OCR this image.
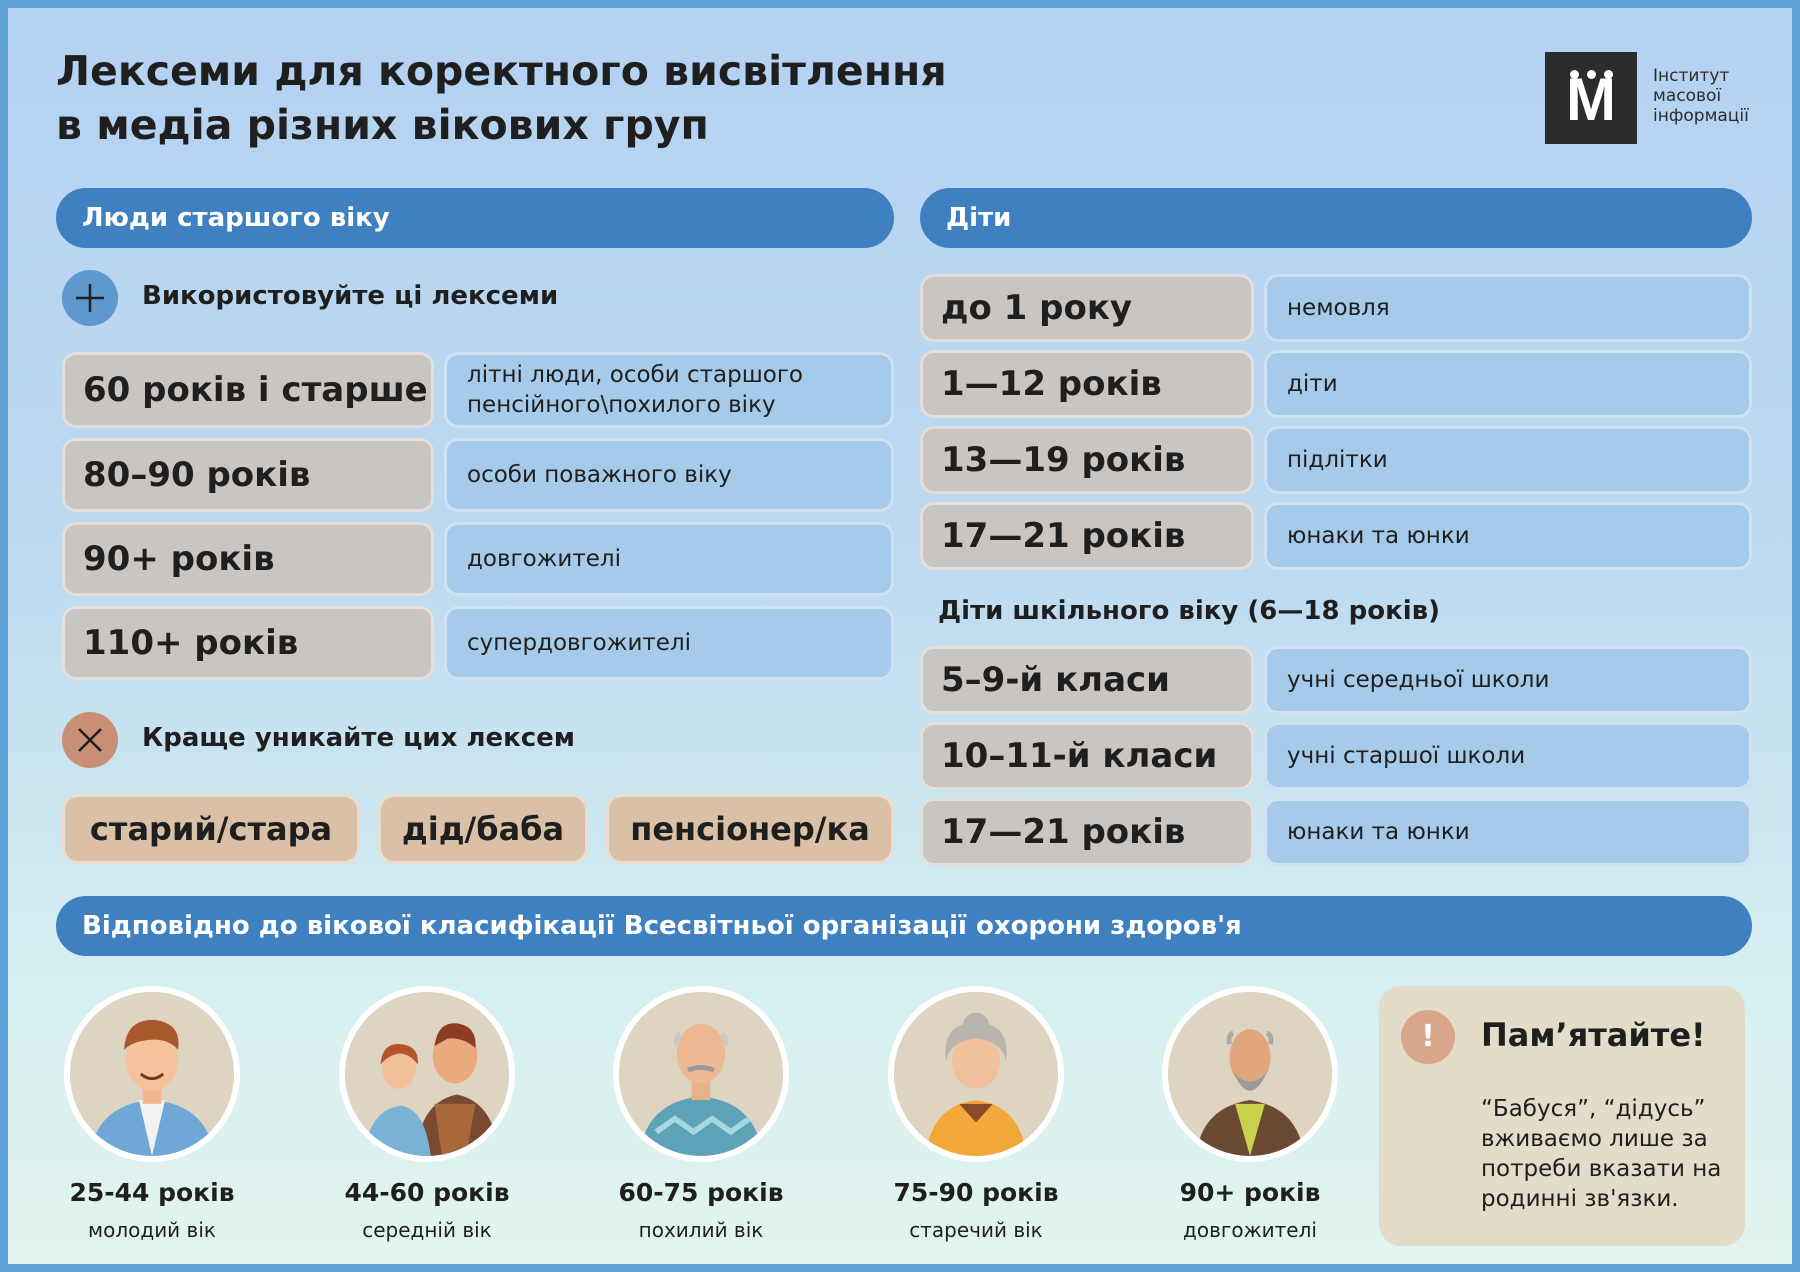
Лексеми для коректного висвітлення
в медіа різних вікових груп	М	Інститут
масової
інформації
Люди старшого віку
Використовуйте ці лексеми
60 років і старше	літні люди, особи старшого пенсійного\похилого віку
80–90 років	особи поважного віку
90+ років	довгожителі
110+ років	супердовгожителі
Краще уникайте цих лексем
старий/стара	дід/баба	пенсіонер/ка
Діти
до 1 року	немовля
1—12 років	діти
13—19 років	підлітки
17—21 років	юнаки та юнки
Діти шкільного віку (6—18 років)
5–9-й класи	учні середньої школи
10–11-й класи	учні старшої школи
17—21 років	юнаки та юнки
Відповідно до вікової класифікації Всесвітньої організації охорони здоров'я
25-44 років
молодий вік
44-60 років
середній вік
60-75 років
похилий вік
75-90 років
старечий вік
90+ років
довгожителі
!	Пам’ятайте!
“Бабуся”, “дідусь” вживаємо лише за потреби вказати на родинні зв'язки.
